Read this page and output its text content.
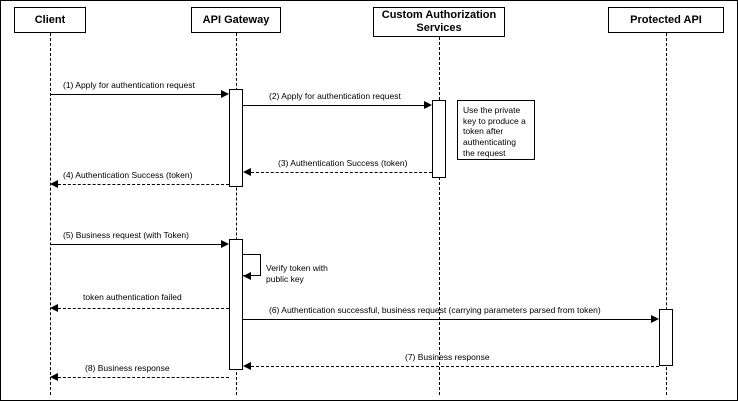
Client	API Gateway	Custom Authorization Services
Protected API
(1) Apply for authentication request
(2) Apply for authentication request
Use the private key to produce a token after authenticating the request
(3) Authentication Success (token)
(4) Authentication Success (token)
(5) Business request (with Token)

Verify token with public key

token authentication failed
(6) Authentication successful, business request (carrying parameters parsed from token)
(7) Business response
(8) Business response
